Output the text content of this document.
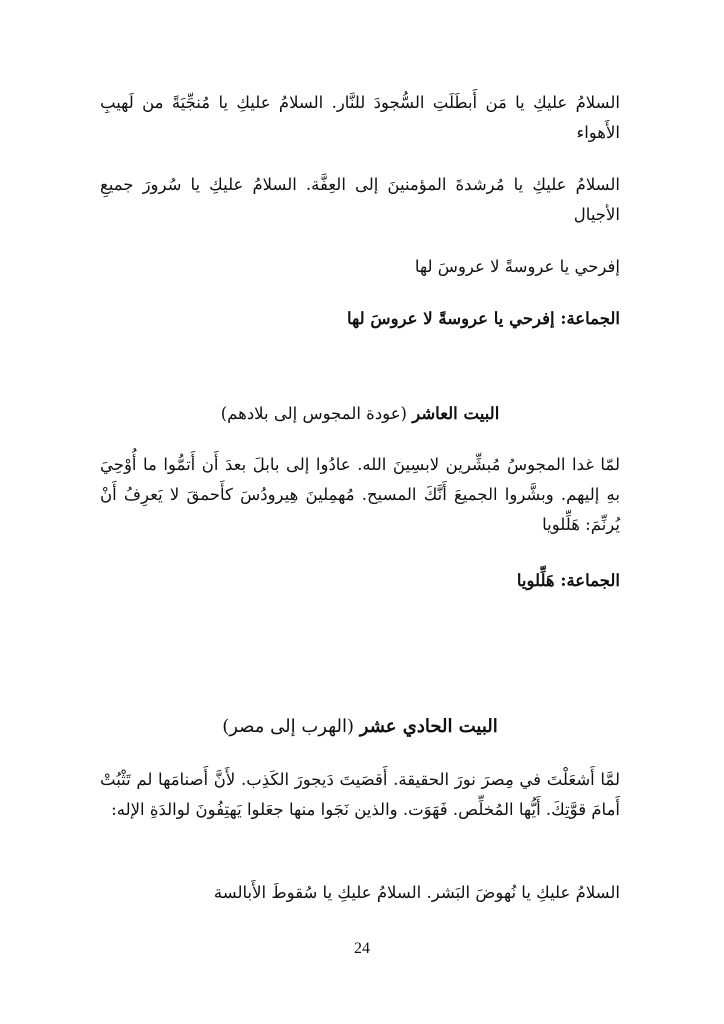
السلامُ عليكِ يا مَن أَبطَلَتِ السُّجودَ للنَّار. السلامُ عليكِ يا مُنجِّيَةً من لَهيبِ الأَهواء
السلامُ عليكِ يا مُرشدةَ المؤمنينَ إلى العِفَّة. السلامُ عليكِ يا سُرورَ جميعِ الأجيال
إفرحي يا عروسةً لا عروسَ لها
الجماعة: إفرحي يا عروسةً لا عروسَ لها
البيت العاشر (عودة المجوس إلى بلادهم)
لمّا غدا المجوسُ مُبشِّرين لابسِينَ الله. عادُوا إلى بابلَ بعدَ أَن أَتمُّوا ما أُوْحِيَ بهِ إليهم. وبشَّروا الجميعَ أَنَّكَ المسيح. مُهمِلينَ هِيرودُسَ كأَحمقَ لا يَعرِفُ أَنْ يُرنِّمَ: هَلِّلويا
الجماعة: هَلِّلويا
البيت الحادي عشر (الهرب إلى مصر)
لمَّا أَشعَلْتَ في مِصرَ نورَ الحقيقة. أَقصَيتَ دَيجورَ الكَذِب. لأَنَّ أَصنامَها لم تَثْبُتْ أَمامَ قوَّتِكَ. أَيُّها المُخلِّص. فَهَوَت. والذين نَجَوا منها جعَلوا يَهتِفُونَ لوالدَةِ الإله:
السلامُ عليكِ يا نُهوضَ البَشر. السلامُ عليكِ يا سُقوطَ الأَبالسة
24
